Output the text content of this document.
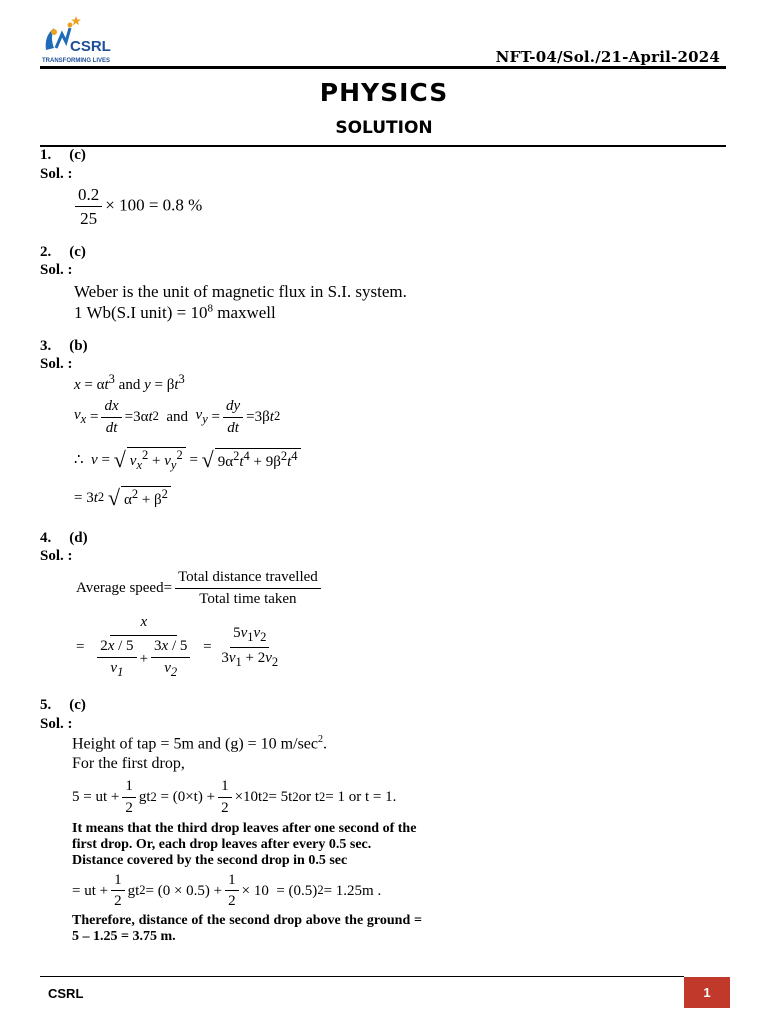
CSRL
TRANSFORMING LIVES	NFT-04/Sol./21-April-2024
PHYSICS
SOLUTION
1. (c)
Sol. :
$\frac{0.2}{25} \times 100 = 0.8$ %
2. (c)
Sol. :
Weber is the unit of magnetic flux in S.I. system.
1 Wb(S.I unit) = $10^8$ maxwell
3. (b)
Sol. :
$x = \alpha t^3$ and $y = \beta t^3$
$v_x = \frac{dx}{dt} =3\alpha$ t 2 and $v_y = \frac{dy}{dt} =3\beta$ t 2
∴ v = √ $v_x^2 + v_y^2$ = √ $9\alpha^2t^4 + 9\beta^2t^4$
= 3 t 2
√ $\alpha^2 + \beta^2$
4. (d)
Sol. :
Average speed= $\frac{\text{Total distance travelled}}{\text{Total time taken}}$
= $\frac{x}{\frac{2x / 5}{v_1} + \frac{3x / 5}{v_2}} = \frac{5v_1v_2}{3v_1 + 2v_2}$
5. (c)
Sol. :
Height of tap = 5m and (g) = 10 $m/\sec^2$.
For the first drop,
5 = ut + $\frac{1}{2}$ gt $2 = (0\times t) + \frac{1}{2} \times 10t$ 2 = 5t 2 or t 2 = 1 or t = 1.
It means that the third drop leaves after one second of the first drop. Or, each drop leaves after every 0.5 sec. Distance covered by the second drop in 0.5 sec
= ut + $\frac{1}{2}$ gt $2 = (0 \times 0.5) + \frac{1}{2} \times 10 = (0.5) 2 = 1.25m$ .
Therefore, distance of the second drop above the ground = 5 – 1.25 = 3.75 m.
CSRL	1
